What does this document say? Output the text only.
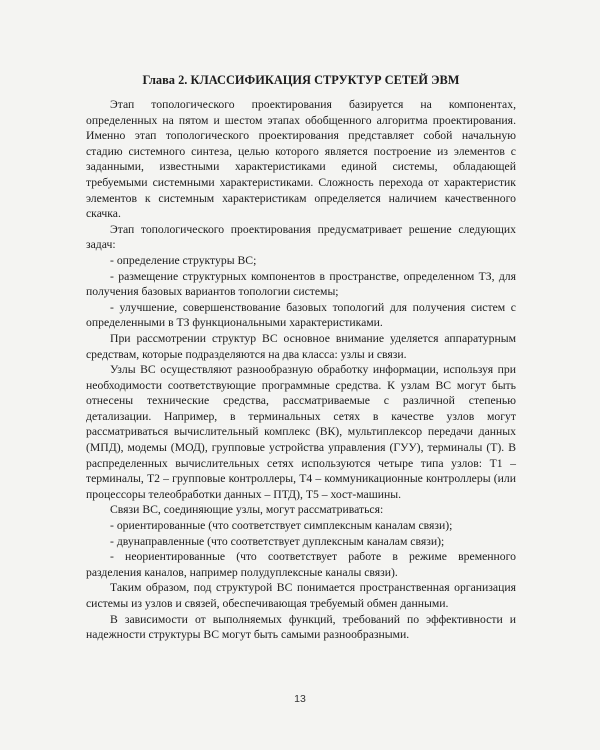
Глава 2. КЛАССИФИКАЦИЯ СТРУКТУР СЕТЕЙ ЭВМ

Этап топологического проектирования базируется на компонентах, определенных на пятом и шестом этапах обобщенного алгоритма проектирования. Именно этап топологического проектирования представляет собой начальную стадию системного синтеза, целью которого является построение из элементов с заданными, известными характеристиками единой системы, обладающей требуемыми системными характеристиками. Сложность перехода от характеристик элементов к системным характеристикам определяется наличием качественного скачка.

Этап топологического проектирования предусматривает решение следующих задач:

- определение структуры ВС;

- размещение структурных компонентов в пространстве, определенном ТЗ, для получения базовых вариантов топологии системы;

- улучшение, совершенствование базовых топологий для получения систем с определенными в ТЗ функциональными характеристиками.

При рассмотрении структур ВС основное внимание уделяется аппаратурным средствам, которые подразделяются на два класса: узлы и связи.

Узлы ВС осуществляют разнообразную обработку информации, используя при необходимости соответствующие программные средства. К узлам ВС могут быть отнесены технические средства, рассматриваемые с различной степенью детализации. Например, в терминальных сетях в качестве узлов могут рассматриваться вычислительный комплекс (ВК), мультиплексор передачи данных (МПД), модемы (МОД), групповые устройства управления (ГУУ), терминалы (Т). В распределенных вычислительных сетях используются четыре типа узлов: Т1 – терминалы, Т2 – групповые контроллеры, Т4 – коммуникационные контроллеры (или процессоры телеобработки данных – ПТД), Т5 – хост-машины.

Связи ВС, соединяющие узлы, могут рассматриваться:

- ориентированные (что соответствует симплексным каналам связи);

- двунаправленные (что соответствует дуплексным каналам связи);

- неориентированные (что соответствует работе в режиме временного разделения каналов, например полудуплексные каналы связи).

Таким образом, под структурой ВС понимается пространственная организация системы из узлов и связей, обеспечивающая требуемый обмен данными.

В зависимости от выполняемых функций, требований по эффективности и надежности структуры ВС могут быть самыми разнообразными.

13
